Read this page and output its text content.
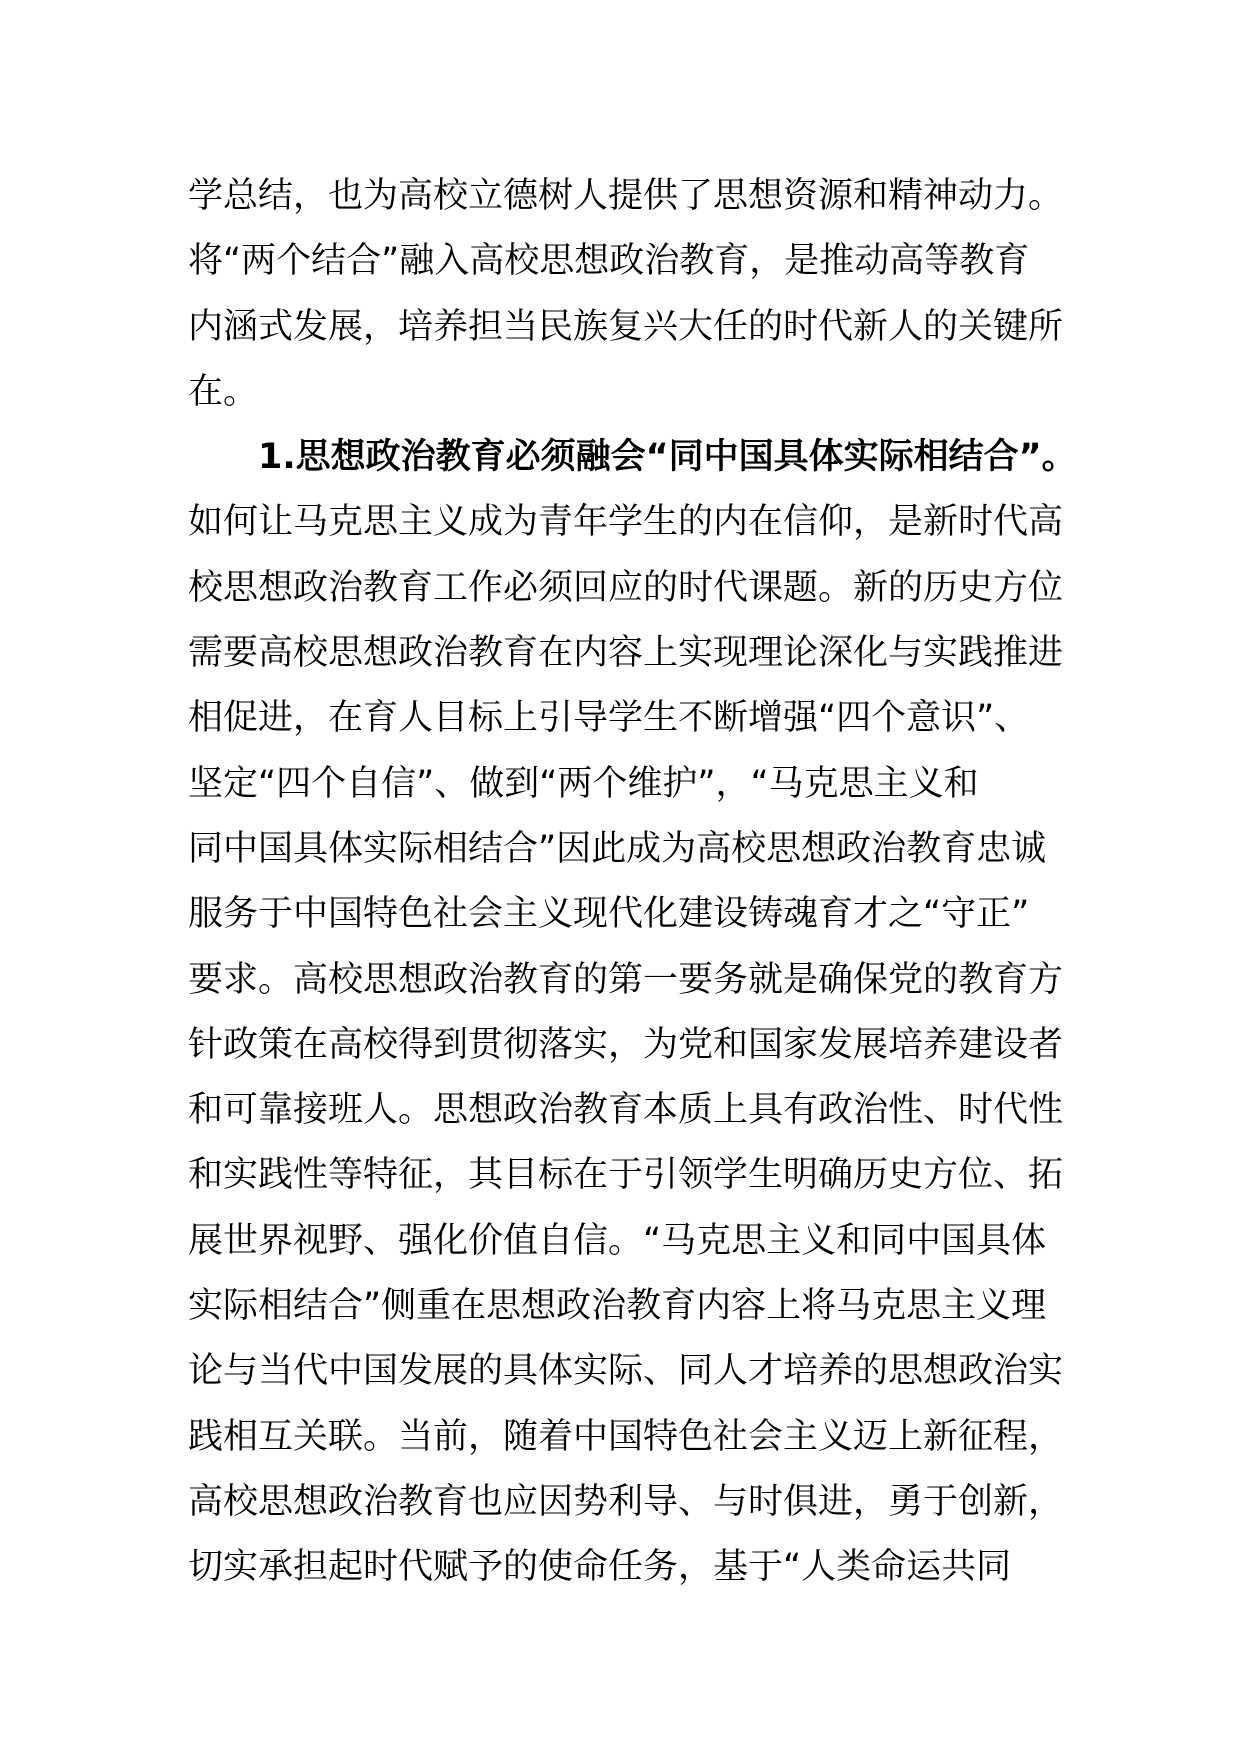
学总结，也为高校立德树人提供了思想资源和精神动力。
将“两个结合”融入高校思想政治教育，是推动高等教育
内涵式发展，培养担当民族复兴大任的时代新人的关键所
在。
1.思想政治教育必须融会“同中国具体实际相结合”。
如何让马克思主义成为青年学生的内在信仰，是新时代高
校思想政治教育工作必须回应的时代课题。新的历史方位
需要高校思想政治教育在内容上实现理论深化与实践推进
相促进，在育人目标上引导学生不断增强“四个意识”、
坚定“四个自信”、做到“两个维护”，“马克思主义和
同中国具体实际相结合”因此成为高校思想政治教育忠诚
服务于中国特色社会主义现代化建设铸魂育才之“守正”
要求。高校思想政治教育的第一要务就是确保党的教育方
针政策在高校得到贯彻落实，为党和国家发展培养建设者
和可靠接班人。思想政治教育本质上具有政治性、时代性
和实践性等特征，其目标在于引领学生明确历史方位、拓
展世界视野、强化价值自信。“马克思主义和同中国具体
实际相结合”侧重在思想政治教育内容上将马克思主义理
论与当代中国发展的具体实际、同人才培养的思想政治实
践相互关联。当前，随着中国特色社会主义迈上新征程，
高校思想政治教育也应因势利导、与时俱进，勇于创新，
切实承担起时代赋予的使命任务，基于“人类命运共同
